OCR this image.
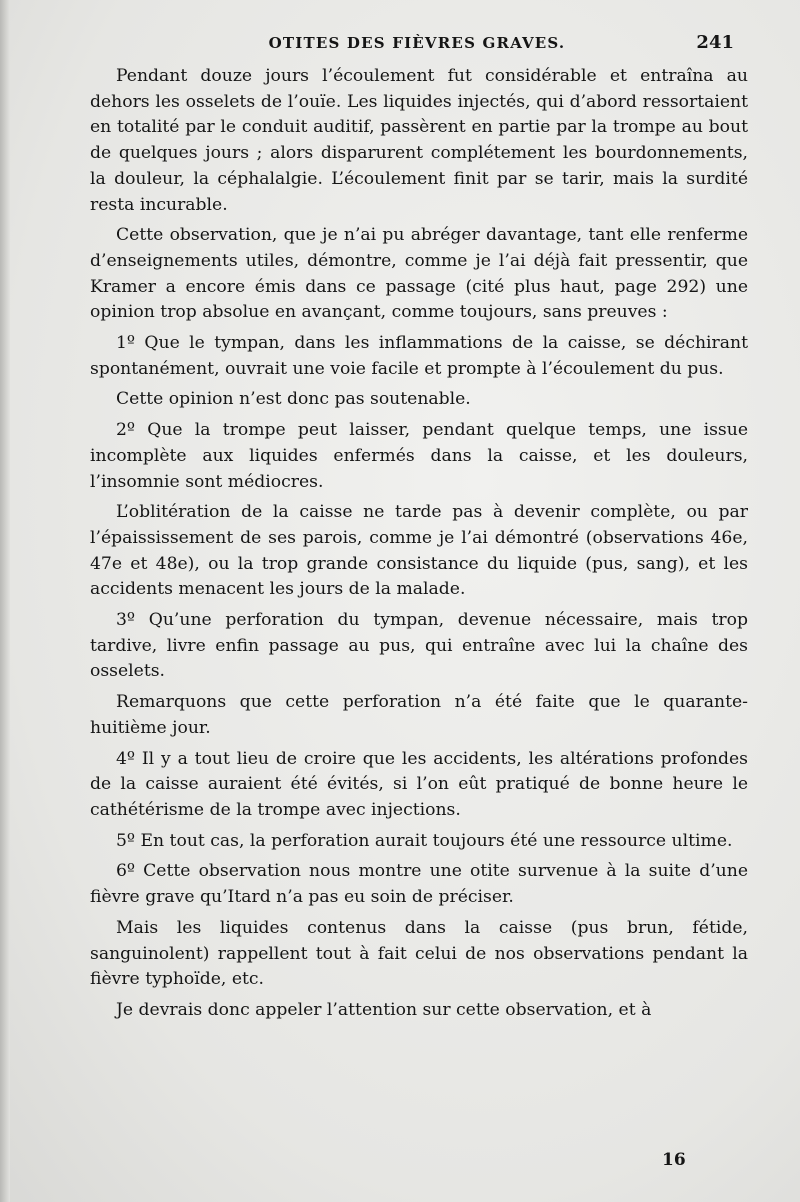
OTITES DES FIÈVRES GRAVES.	241

Pendant douze jours l’écoulement fut considérable et entraîna au dehors les osselets de l’ouïe. Les liquides injectés, qui d’abord ressortaient en totalité par le conduit auditif, passèrent en partie par la trompe au bout de quelques jours ; alors disparurent complétement les bourdonnements, la douleur, la céphalalgie. L’écoulement finit par se tarir, mais la surdité resta incurable.

Cette observation, que je n’ai pu abréger davantage, tant elle renferme d’enseignements utiles, démontre, comme je l’ai déjà fait pressentir, que Kramer a encore émis dans ce passage (cité plus haut, page 292) une opinion trop absolue en avançant, comme toujours, sans preuves :

1º Que le tympan, dans les inflammations de la caisse, se déchirant spontanément, ouvrait une voie facile et prompte à l’écoulement du pus.

Cette opinion n’est donc pas soutenable.

2º Que la trompe peut laisser, pendant quelque temps, une issue incomplète aux liquides enfermés dans la caisse, et les douleurs, l’insomnie sont médiocres.

L’oblitération de la caisse ne tarde pas à devenir complète, ou par l’épaississement de ses parois, comme je l’ai démontré (observations 46e, 47e et 48e), ou la trop grande consistance du liquide (pus, sang), et les accidents menacent les jours de la malade.

3º Qu’une perforation du tympan, devenue nécessaire, mais trop tardive, livre enfin passage au pus, qui entraîne avec lui la chaîne des osselets.

Remarquons que cette perforation n’a été faite que le quarante-huitième jour.

4º Il y a tout lieu de croire que les accidents, les altérations profondes de la caisse auraient été évités, si l’on eût pratiqué de bonne heure le cathétérisme de la trompe avec injections.

5º En tout cas, la perforation aurait toujours été une ressource ultime.

6º Cette observation nous montre une otite survenue à la suite d’une fièvre grave qu’Itard n’a pas eu soin de préciser.

Mais les liquides contenus dans la caisse (pus brun, fétide, sanguinolent) rappellent tout à fait celui de nos observations pendant la fièvre typhoïde, etc.

Je devrais donc appeler l’attention sur cette observation, et à

16
